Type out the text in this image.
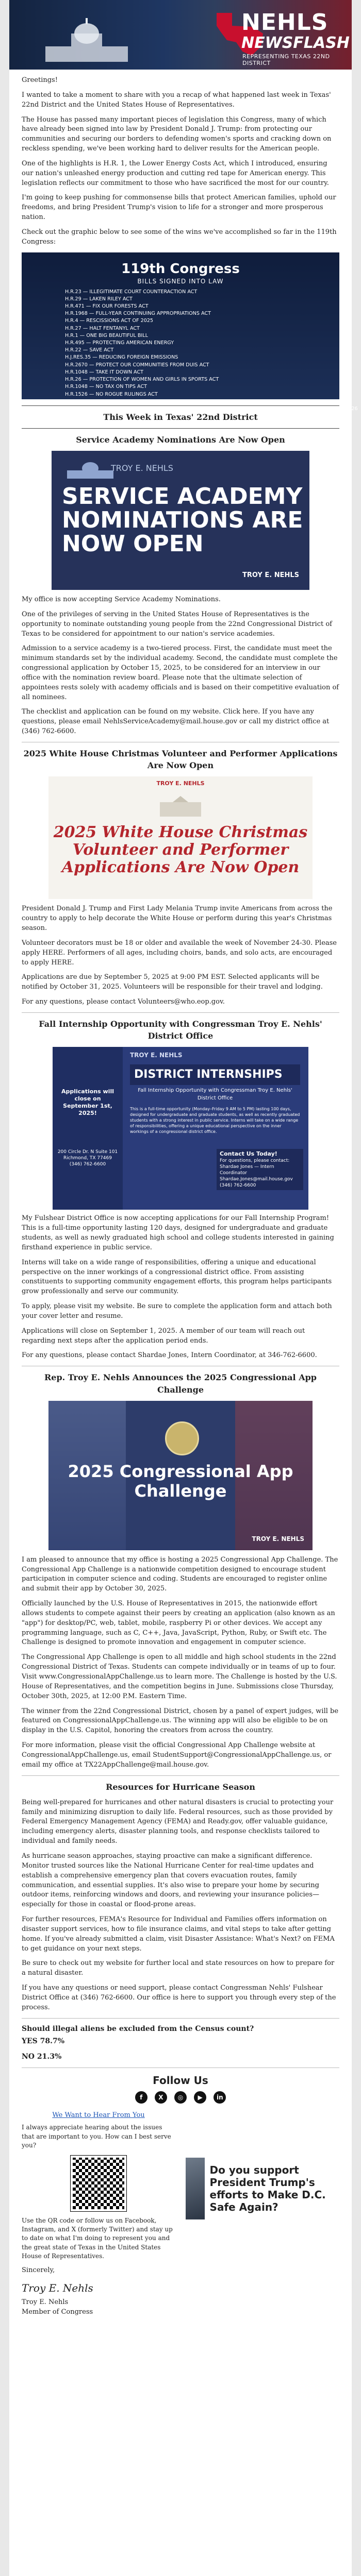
NEHLS
NEWSFLASH
REPRESENTING TEXAS 22ND DISTRICT

Greetings!

I wanted to take a moment to share with you a recap of what happened last week in Texas' 22nd District and the United States House of Representatives.

The House has passed many important pieces of legislation this Congress, many of which have already been signed into law by President Donald J. Trump: from protecting our communities and securing our borders to defending women's sports and cracking down on reckless spending, we've been working hard to deliver results for the American people.

One of the highlights is H.R. 1, the Lower Energy Costs Act, which I introduced, ensuring our nation's unleashed energy production and cutting red tape for American energy. This legislation reflects our commitment to those who have sacrificed the most for our country.

I'm going to keep pushing for commonsense bills that protect American families, uphold our freedoms, and bring President Trump's vision to life for a stronger and more prosperous nation.

Check out the graphic below to see some of the wins we've accomplished so far in the 119th Congress:

119th Congress
BILLS SIGNED INTO LAW
H.R.23 — ILLEGITIMATE COURT COUNTERACTION ACT
H.R.29 — LAKEN RILEY ACT
H.R.471 — FIX OUR FORESTS ACT
H.R.1968 — FULL-YEAR CONTINUING APPROPRIATIONS ACT
H.R.4 — RESCISSIONS ACT OF 2025
H.R.27 — HALT FENTANYL ACT
H.R.1 — ONE BIG BEAUTIFUL BILL
H.R.495 — PROTECTING AMERICAN ENERGY
H.R.22 — SAVE ACT
H.J.RES.35 — REDUCING FOREIGN EMISSIONS
H.R.2670 — PROTECT OUR COMMUNITIES FROM DUIS ACT
H.R.1048 — TAKE IT DOWN ACT
H.R.26 — PROTECTION OF WOMEN AND GIRLS IN SPORTS ACT
H.R.1048 — NO TAX ON TIPS ACT
H.R.1526 — NO ROGUE RULINGS ACT
S.J.RES.28 — DEPARTMENT OF DEFENSE APPROPRIATIONS ACT, 2025
H.R.5371 — THE MILITARY CONSTRUCTION, VETERANS AFFAIRS, AND RELATED AGENCIES APPROPRIATIONS ACT, 2026
This Week in Texas' 22nd District
Service Academy Nominations Are Now Open
TROY E. NEHLS
SERVICE ACADEMY NOMINATIONS ARE NOW OPEN
TROY E. NEHLS

My office is now accepting Service Academy Nominations.

One of the privileges of serving in the United States House of Representatives is the opportunity to nominate outstanding young people from the 22nd Congressional District of Texas to be considered for appointment to our nation's service academies.

Admission to a service academy is a two-tiered process. First, the candidate must meet the minimum standards set by the individual academy. Second, the candidate must complete the congressional application by October 15, 2025, to be considered for an interview in our office with the nomination review board. Please note that the ultimate selection of appointees rests solely with academy officials and is based on their competitive evaluation of all nominees.

The checklist and application can be found on my website. Click here. If you have any questions, please email NehlsServiceAcademy@mail.house.gov or call my district office at (346) 762-6600.

2025 White House Christmas Volunteer and Performer Applications Are Now Open
TROY E. NEHLS
2025 White House Christmas Volunteer and Performer Applications Are Now Open

President Donald J. Trump and First Lady Melania Trump invite Americans from across the country to apply to help decorate the White House or perform during this year's Christmas season.

Volunteer decorators must be 18 or older and available the week of November 24-30. Please apply HERE. Performers of all ages, including choirs, bands, and solo acts, are encouraged to apply HERE.

Applications are due by September 5, 2025 at 9:00 PM EST. Selected applicants will be notified by October 31, 2025. Volunteers will be responsible for their travel and lodging.

For any questions, please contact Volunteers@who.eop.gov.

Fall Internship Opportunity with Congressman Troy E. Nehls' District Office
Applications will close on September 1st, 2025!
200 Circle Dr. N Suite 101 Richmond, TX 77469 (346) 762-6600
TROY E. NEHLS
DISTRICT INTERNSHIPS
Fall Internship Opportunity with Congressman Troy E. Nehls' District Office
This is a full-time opportunity (Monday–Friday 9 AM to 5 PM) lasting 100 days, designed for undergraduate and graduate students, as well as recently graduated students with a strong interest in public service. Interns will take on a wide range of responsibilities, offering a unique educational perspective on the inner workings of a congressional district office.
Contact Us Today!
For questions, please contact: Shardae Jones — Intern Coordinator Shardae.Jones@mail.house.gov (346) 762-6600

My Fulshear District Office is now accepting applications for our Fall Internship Program! This is a full-time opportunity lasting 120 days, designed for undergraduate and graduate students, as well as newly graduated high school and college students interested in gaining firsthand experience in public service.

Interns will take on a wide range of responsibilities, offering a unique and educational perspective on the inner workings of a congressional district office. From assisting constituents to supporting community engagement efforts, this program helps participants grow professionally and serve our community.

To apply, please visit my website. Be sure to complete the application form and attach both your cover letter and resume.

Applications will close on September 1, 2025. A member of our team will reach out regarding next steps after the application period ends.

For any questions, please contact Shardae Jones, Intern Coordinator, at 346-762-6600.

Rep. Troy E. Nehls Announces the 2025 Congressional App Challenge
2025 Congressional App Challenge
TROY E. NEHLS

I am pleased to announce that my office is hosting a 2025 Congressional App Challenge. The Congressional App Challenge is a nationwide competition designed to encourage student participation in computer science and coding. Students are encouraged to register online and submit their app by October 30, 2025.

Officially launched by the U.S. House of Representatives in 2015, the nationwide effort allows students to compete against their peers by creating an application (also known as an "app") for desktop/PC, web, tablet, mobile, raspberry Pi or other devices. We accept any programming language, such as C, C++, Java, JavaScript, Python, Ruby, or Swift etc. The Challenge is designed to promote innovation and engagement in computer science.

The Congressional App Challenge is open to all middle and high school students in the 22nd Congressional District of Texas. Students can compete individually or in teams of up to four. Visit www.CongressionalAppChallenge.us to learn more. The Challenge is hosted by the U.S. House of Representatives, and the competition begins in June. Submissions close Thursday, October 30th, 2025, at 12:00 P.M. Eastern Time.

The winner from the 22nd Congressional District, chosen by a panel of expert judges, will be featured on CongressionalAppChallenge.us. The winning app will also be eligible to be on display in the U.S. Capitol, honoring the creators from across the country.

For more information, please visit the official Congressional App Challenge website at CongressionalAppChallenge.us, email StudentSupport@CongressionalAppChallenge.us, or email my office at TX22AppChallenge@mail.house.gov.

Resources for Hurricane Season

Being well-prepared for hurricanes and other natural disasters is crucial to protecting your family and minimizing disruption to daily life. Federal resources, such as those provided by Federal Emergency Management Agency (FEMA) and Ready.gov, offer valuable guidance, including emergency alerts, disaster planning tools, and response checklists tailored to individual and family needs.

As hurricane season approaches, staying proactive can make a significant difference. Monitor trusted sources like the National Hurricane Center for real-time updates and establish a comprehensive emergency plan that covers evacuation routes, family communication, and essential supplies. It's also wise to prepare your home by securing outdoor items, reinforcing windows and doors, and reviewing your insurance policies—especially for those in coastal or flood-prone areas.

For further resources, FEMA's Resource for Individual and Families offers information on disaster support services, how to file insurance claims, and vital steps to take after getting home. If you've already submitted a claim, visit Disaster Assistance: What's Next? on FEMA to get guidance on your next steps.

Be sure to check out my website for further local and state resources on how to prepare for a natural disaster.

If you have any questions or need support, please contact Congressman Nehls' Fulshear District Office at (346) 762-6600. Our office is here to support you through every step of the process.

Should illegal aliens be excluded from the Census count?

YES 78.7%

NO 21.3%

Follow Us
f	X ◎ ▶ in
We Want to Hear From You

I always appreciate hearing about the issues that are important to you. How can I best serve you?

Use the QR code or follow us on Facebook, Instagram, and X (formerly Twitter) and stay up to date on what I'm doing to represent you and the great state of Texas in the United States House of Representatives.

Do you support President Trump's efforts to Make D.C. Safe Again?

Sincerely,

Troy E. Nehls

Troy E. Nehls

Member of Congress
